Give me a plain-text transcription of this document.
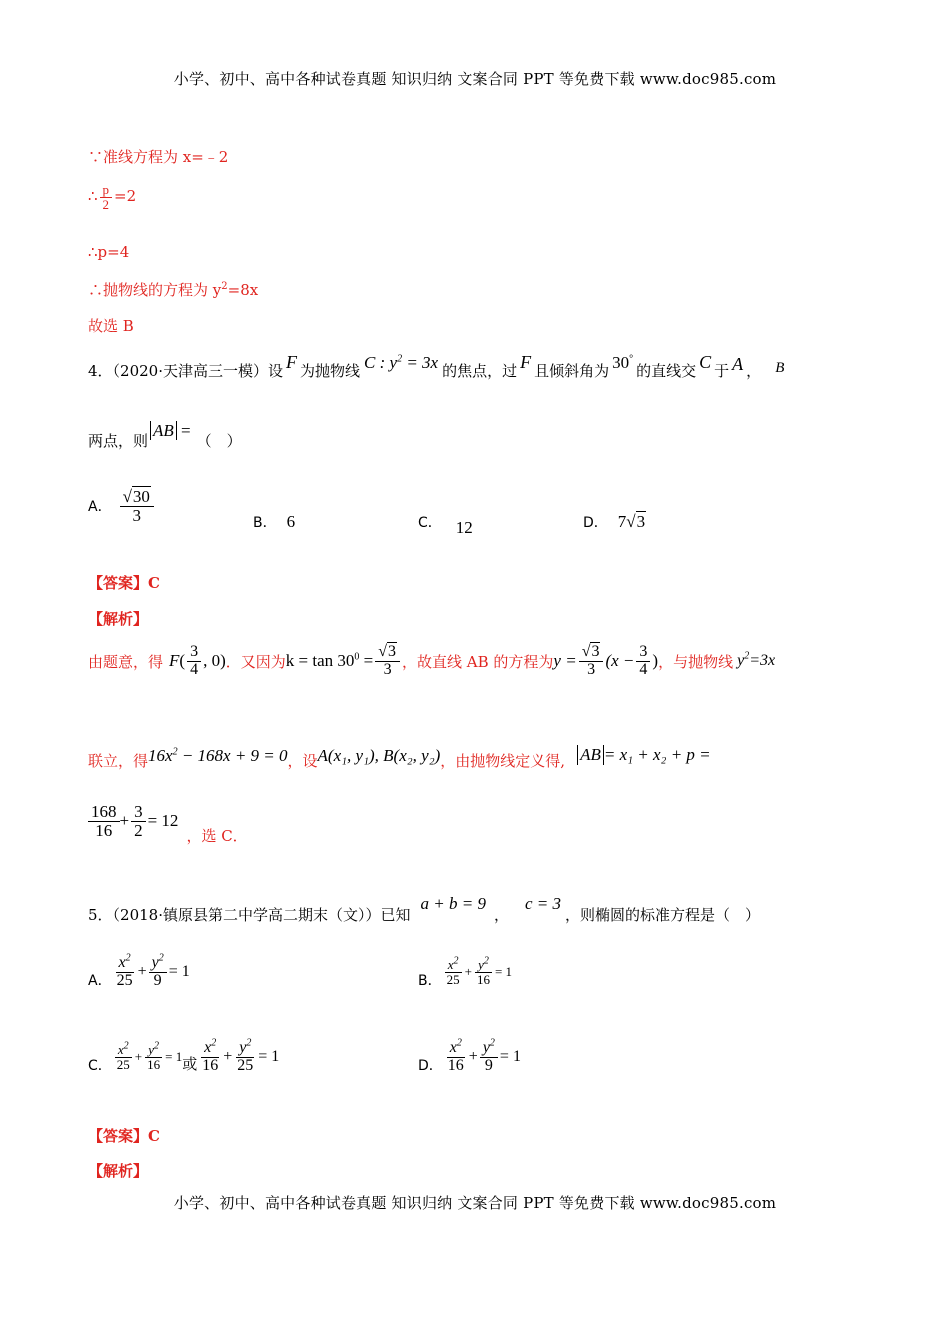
小学、初中、高中各种试卷真题 知识归纳 文案合同 PPT 等免费下载 www.doc985.com
∵准线方程为 x=﹣2
∴ $\frac{p}{2} =2$
∴p=4
∴抛物线的方程为 $y^2=8x$
故选 B
4．（2020·天津高三一模）设 F 为抛物线 C : $y^2 = 3x$ 的焦点，过 F 且倾斜角为 30°的直线交 C 于 A ， B
两点，则AB =（　）
A． $\frac{√30}{3}$	B． 6	C． 12	D． 7√3
【答案】C
【解析】
由题意，得 F ( $\frac{3}{4}$ , 0) ．又因为 $k = \tan 30^0 = \frac{√3}{3}$ ，故直线 AB 的方程为 $y = \frac{√3}{3} (x - \frac{3}{4}$ ) ，与抛物线 $y^2=3x$
联立，得 $16x^2 - 168x + 9 = 0$ ，设 A(x₁, y₁), B(x₂, y₂) ，由抛物线定义得, AB = x₁ + x₂ + p =
$\frac{168}{16} + \frac{3}{2} = 12$
，选 C．
5．（2018·镇原县第二中学高二期末（文））已知a + b = 9，c = 3，则椭圆的标准方程是（　）
A． $\frac{x^2}{25} + \frac{y^2}{9} = 1$
B． $\frac{x^2}{25} + \frac{y^2}{16} = 1$
C． $\frac{x^2}{25} + \frac{y^2}{16} = 1$ 或 $\frac{x^2}{16} + \frac{y^2}{25} = 1$
D． $\frac{x^2}{16} + \frac{y^2}{9} = 1$
【答案】C
【解析】
小学、初中、高中各种试卷真题 知识归纳 文案合同 PPT 等免费下载 www.doc985.com
